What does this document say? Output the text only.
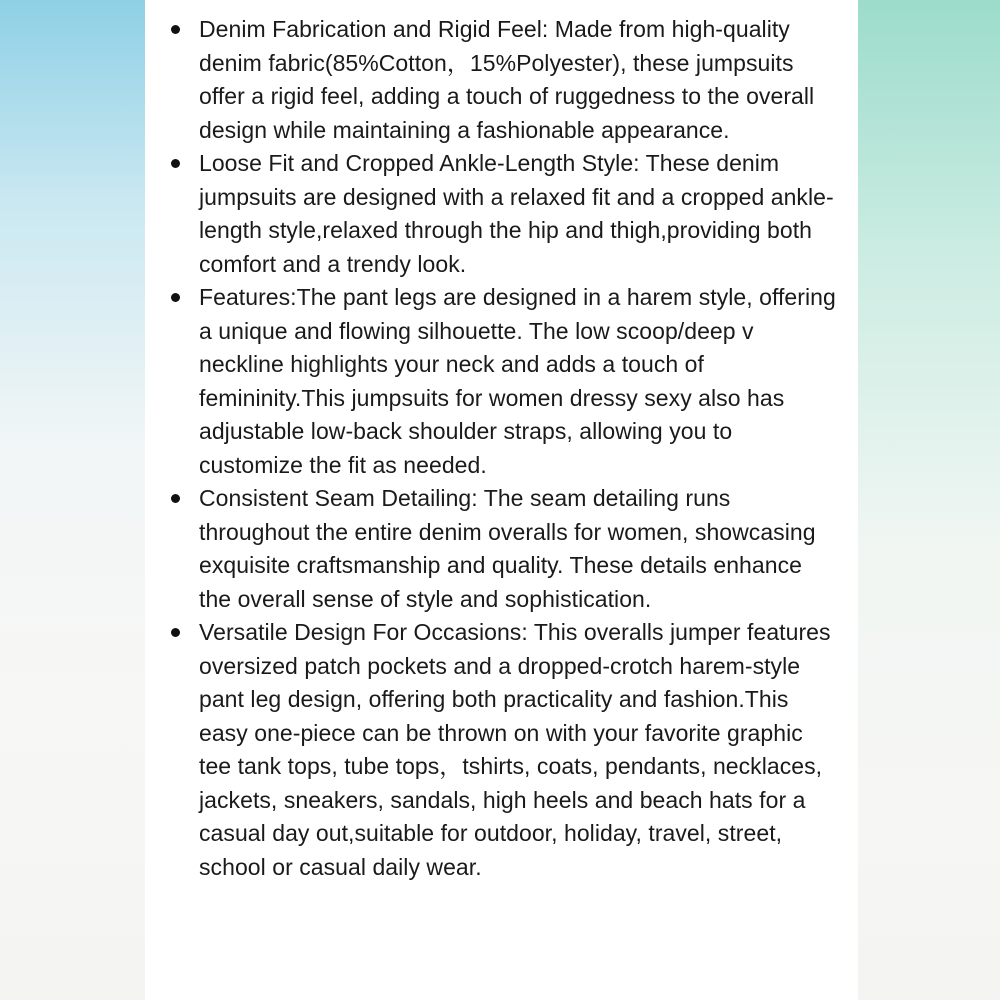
Denim Fabrication and Rigid Feel: Made from high-quality denim fabric(85%Cotton，15%Polyester), these jumpsuits offer a rigid feel, adding a touch of ruggedness to the overall design while maintaining a fashionable appearance.
Loose Fit and Cropped Ankle-Length Style: These denim jumpsuits are designed with a relaxed fit and a cropped ankle-length style,relaxed through the hip and thigh,providing both comfort and a trendy look.
Features:The pant legs are designed in a harem style, offering a unique and flowing silhouette. The low scoop/deep v neckline highlights your neck and adds a touch of femininity.This jumpsuits for women dressy sexy also has adjustable low-back shoulder straps, allowing you to customize the fit as needed.
Consistent Seam Detailing: The seam detailing runs throughout the entire denim overalls for women, showcasing exquisite craftsmanship and quality. These details enhance the overall sense of style and sophistication.
Versatile Design For Occasions: This overalls jumper features oversized patch pockets and a dropped-crotch harem-style pant leg design, offering both practicality and fashion.This easy one-piece can be thrown on with your favorite graphic tee tank tops, tube tops，tshirts, coats, pendants, necklaces, jackets, sneakers, sandals, high heels and beach hats for a casual day out,suitable for outdoor, holiday, travel, street, school or casual daily wear.
